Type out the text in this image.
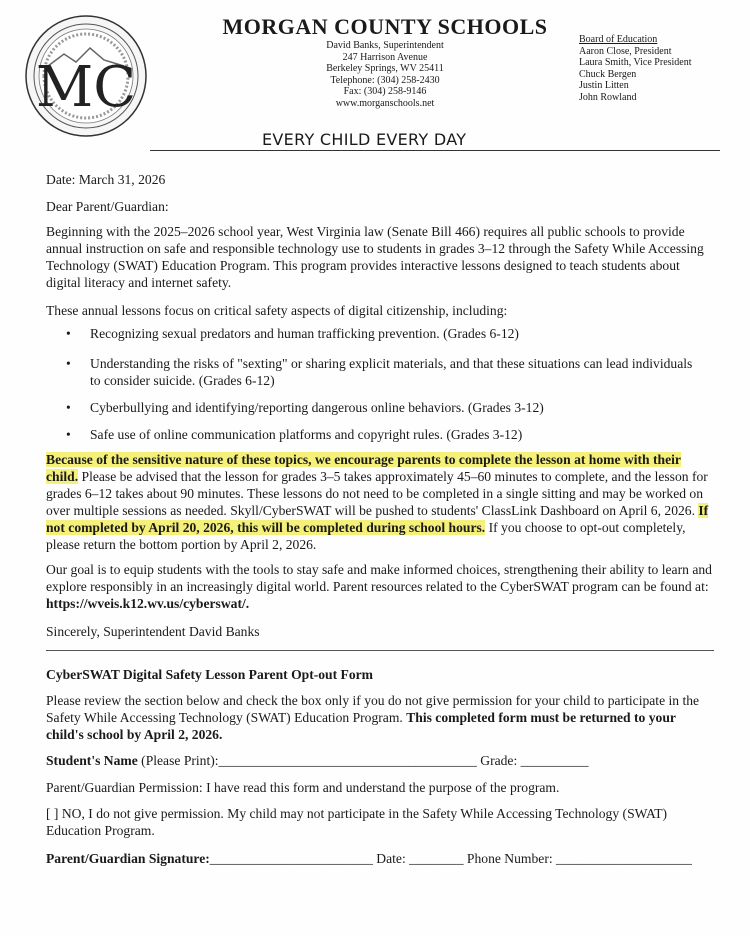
MC
MORGAN COUNTY SCHOOLS
David Banks, Superintendent
247 Harrison Avenue
Berkeley Springs, WV 25411
Telephone: (304) 258-2430
Fax: (304) 258-9146
www.morganschools.net
Board of Education
Aaron Close, President
Laura Smith, Vice President
Chuck Bergen
Justin Litten
John Rowland
EVERY CHILD EVERY DAY
Date: March 31, 2026
Dear Parent/Guardian:
Beginning with the 2025–2026 school year, West Virginia law (Senate Bill 466) requires all public schools to provide annual instruction on safe and responsible technology use to students in grades 3–12 through the Safety While Accessing Technology (SWAT) Education Program. This program provides interactive lessons designed to teach students about digital literacy and internet safety.
These annual lessons focus on critical safety aspects of digital citizenship, including:
• Recognizing sexual predators and human trafficking prevention. (Grades 6-12)
• Understanding the risks of "sexting" or sharing explicit materials, and that these situations can lead individuals to consider suicide. (Grades 6-12)
• Cyberbullying and identifying/reporting dangerous online behaviors. (Grades 3-12)
• Safe use of online communication platforms and copyright rules. (Grades 3-12)
Because of the sensitive nature of these topics, we encourage parents to complete the lesson at home with their child. Please be advised that the lesson for grades 3–5 takes approximately 45–60 minutes to complete, and the lesson for grades 6–12 takes about 90 minutes. These lessons do not need to be completed in a single sitting and may be worked on over multiple sessions as needed. Skyll/CyberSWAT will be pushed to students' ClassLink Dashboard on April 6, 2026. If not completed by April 20, 2026, this will be completed during school hours. If you choose to opt-out completely, please return the bottom portion by April 2, 2026.
Our goal is to equip students with the tools to stay safe and make informed choices, strengthening their ability to learn and explore responsibly in an increasingly digital world. Parent resources related to the CyberSWAT program can be found at: https://wveis.k12.wv.us/cyberswat/.
Sincerely, Superintendent David Banks
CyberSWAT Digital Safety Lesson Parent Opt-out Form
Please review the section below and check the box only if you do not give permission for your child to participate in the Safety While Accessing Technology (SWAT) Education Program. This completed form must be returned to your child's school by April 2, 2026.
Student's Name (Please Print):______________________________________ Grade: __________
Parent/Guardian Permission: I have read this form and understand the purpose of the program.
[ ] NO, I do not give permission. My child may not participate in the Safety While Accessing Technology (SWAT) Education Program.
Parent/Guardian Signature:________________________ Date: ________ Phone Number: ____________________
